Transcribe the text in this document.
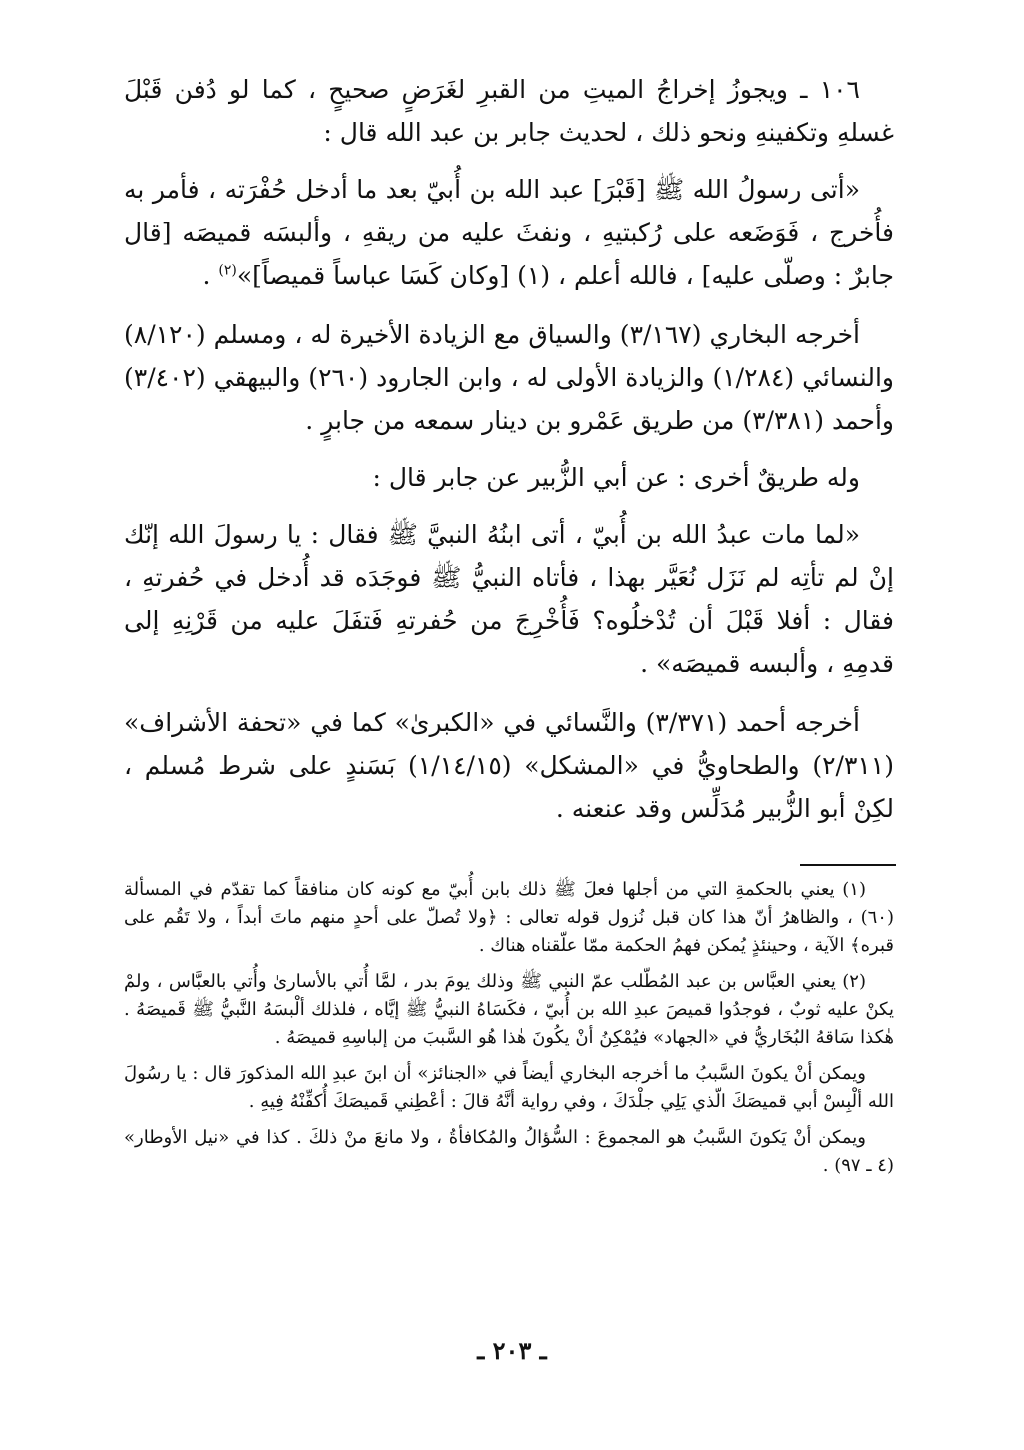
١٠٦ ـ ويجوزُ إخراجُ الميتِ من القبرِ لغَرَضٍ صحيحٍ ، كما لو دُفن قَبْلَ غسلهِ وتكفينهِ ونحو ذلك ، لحديث جابر بن عبد الله قال :

«أتى رسولُ الله ﷺ [قَبْرَ] عبد الله بن أُبيّ بعد ما أدخل حُفْرَته ، فأمر به فأُخرج ، فَوَضَعه على رُكبتيهِ ، ونفثَ عليه من ريقهِ ، وألبسَه قميصَه [قال جابرٌ : وصلّى عليه] ، فالله أعلم ، (١) [وكان كَسَا عباساً قميصاً]»$^{(٢)}$ .

أخرجه البخاري (٣/١٦٧) والسياق مع الزيادة الأخيرة له ، ومسلم (٨/١٢٠) والنسائي (١/٢٨٤) والزيادة الأولى له ، وابن الجارود (٢٦٠) والبيهقي (٣/٤٠٢) وأحمد (٣/٣٨١) من طريق عَمْرو بن دينار سمعه من جابرٍ .

وله طريقٌ أخرى : عن أبي الزُّبير عن جابر قال :

«لما مات عبدُ الله بن أُبيّ ، أتى ابنُهُ النبيَّ ﷺ فقال : يا رسولَ الله إنّك إنْ لم تأتِه لم نَزَل نُعَيَّر بهذا ، فأتاه النبيُّ ﷺ فوجَدَه قد أُدخل في حُفرتهِ ، فقال : أفلا قَبْلَ أن تُدْخلُوه؟ فَأُخْرِجَ من حُفرتهِ فَتفَلَ عليه من قَرْنِهِ إلى قدمِهِ ، وألبسه قميصَه» .

أخرجه أحمد (٣/٣٧١) والنَّسائي في «الكبرىٰ» كما في «تحفة الأشراف» (٢/٣١١) والطحاويُّ في «المشكل» (١/١٤/١٥) بَسَندٍ على شرط مُسلم ، لكِنْ أبو الزُّبير مُدَلِّس وقد عنعنه .

(١) يعني بالحكمةِ التي من أجلها فعلَ ﷺ ذلك بابن أُبيّ مع كونه كان منافقاً كما تقدّم في المسألة (٦٠) ، والظاهرُ أنّ هذا كان قبل نُزول قوله تعالى : ﴿ولا تُصلّ على أحدٍ منهم ماتَ أبداً ، ولا تَقُم على قبره﴾ الآية ، وحينئذٍ يُمكن فهمُ الحكمة ممّا علّقناه هناك .

(٢) يعني العبَّاس بن عبد المُطّلب عمّ النبي ﷺ وذلك يومَ بدر ، لمَّا أُتي بالأسارىٰ وأُتي بالعبَّاس ، ولمْ يكنْ عليه ثوبٌ ، فوجدُوا قميصَ عبدِ الله بن أُبيّ ، فكَسَاهُ النبيُّ ﷺ إيَّاه ، فلذلك ألْبسَهُ النَّبيُّ ﷺ قَميصَهُ . هٰكذا سَاقهُ البُخَاريُّ في «الجهاد» فيُمْكِنُ أنْ يكُونَ هٰذا هُو السَّببَ من إلباسِهِ قميصَهُ .

ويمكن أنْ يكونَ السَّببُ ما أخرجه البخاري أيضاً في «الجنائز» أن ابنَ عبدِ الله المذكورَ قال : يا رسُولَ الله ألْبِسْ أبي قميصَكَ الّذي يَلِي جلْدَكَ ، وفي رواية أنَّهُ قالَ : أعْطِني قَميصَكَ أُكفِّنْهُ فِيهِ .

ويمكن أنْ يَكونَ السَّببُ هو المجموعَ : السُّؤالُ والمُكافأةُ ، ولا مانعَ منْ ذلكَ . كذا في «نيل الأوطار» (٤ ـ ٩٧) .

ـ ٢٠٣ ـ
